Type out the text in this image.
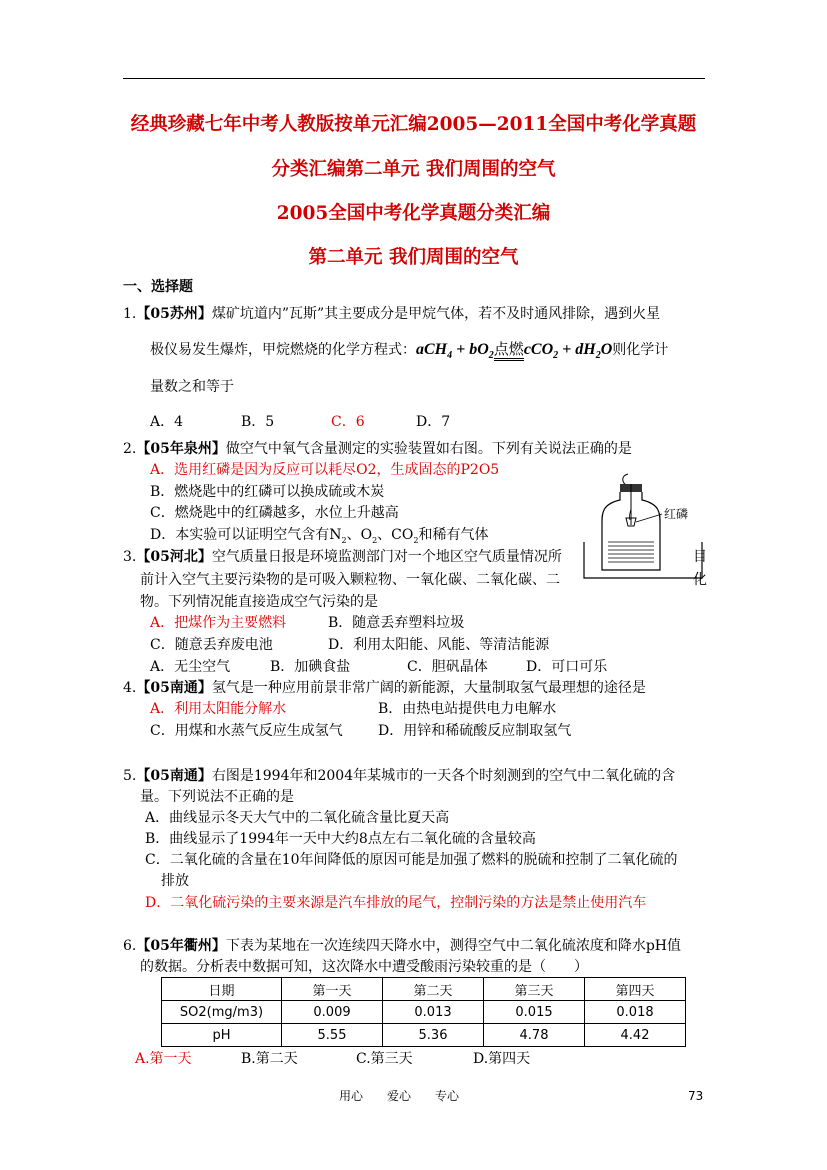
经典珍藏七年中考人教版按单元汇编2005—2011全国中考化学真题
分类汇编第二单元 我们周围的空气
2005全国中考化学真题分类汇编
第二单元 我们周围的空气
一、选择题
1.【05苏州】煤矿坑道内”瓦斯”其主要成分是甲烷气体，若不及时通风排除，遇到火星
极仪易发生爆炸，甲烷燃烧的化学方程式：$aCH_4 + bO_2$点燃$cCO_2 + dH_2O$则化学计
量数之和等于
A．4	B．5	C．6	D．7
2.【05年泉州】做空气中氧气含量测定的实验装置如右图。下列有关说法正确的是
A．选用红磷是因为反应可以耗尽O2，生成固态的P2O5
B．燃烧匙中的红磷可以换成硫或木炭
C．燃烧匙中的红磷越多，水位上升越高
D．本实验可以证明空气含有$N_2$、$O_2$、$CO_2$和稀有气体
红磷
3.【05河北】空气质量日报是环境监测部门对一个地区空气质量情况所	目
前计入空气主要污染物的是可吸入颗粒物、一氧化碳、二氧化碳、二	化
物。下列情况能直接造成空气污染的是
A．把煤作为主要燃料	B．随意丢弃塑料垃圾
C．随意丢弃废电池	D．利用太阳能、风能、等清洁能源
A．无尘空气	B．加碘食盐	C．胆矾晶体	D．可口可乐
4.【05南通】氢气是一种应用前景非常广阔的新能源，大量制取氢气最理想的途径是
A．利用太阳能分解水	B．由热电站提供电力电解水
C．用煤和水蒸气反应生成氢气	D．用锌和稀硫酸反应制取氢气
5.【05南通】右图是1994年和2004年某城市的一天各个时刻测到的空气中二氧化硫的含
量。下列说法不正确的是
A．曲线显示冬天大气中的二氧化硫含量比夏天高
B．曲线显示了1994年一天中大约8点左右二氧化硫的含量较高
C．二氧化硫的含量在10年间降低的原因可能是加强了燃料的脱硫和控制了二氧化硫的
排放
D．二氧化硫污染的主要来源是汽车排放的尾气，控制污染的方法是禁止使用汽车
6.【05年衢州】下表为某地在一次连续四天降水中，测得空气中二氧化硫浓度和降水pH值
的数据。分析表中数据可知，这次降水中遭受酸雨污染较重的是（　　）
日期	第一天	第二天	第三天	第四天
SO2(mg/m3)	0.009	0.013	0.015	0.018
pH	5.55	5.36	4.78	4.42
A.第一天	B.第二天	C.第三天	D.第四天
用心　　爱心　　专心	73
